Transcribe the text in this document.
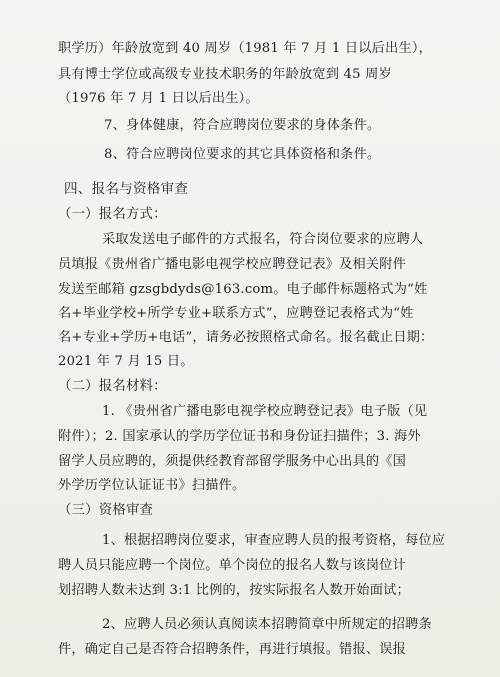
职学历）年龄放宽到 40 周岁（1981 年 7 月 1 日以后出生），
具有博士学位或高级专业技术职务的年龄放宽到 45 周岁
（1976 年 7 月 1 日以后出生）。
7、身体健康，符合应聘岗位要求的身体条件。
8、符合应聘岗位要求的其它具体资格和条件。
四、报名与资格审查
（一）报名方式：
采取发送电子邮件的方式报名，符合岗位要求的应聘人
员填报《贵州省广播电影电视学校应聘登记表》及相关附件
发送至邮箱 gzsgbdyds@163.com。电子邮件标题格式为“姓
名+毕业学校+所学专业+联系方式”，应聘登记表格式为“姓
名+专业+学历+电话”，请务必按照格式命名。报名截止日期：
2021 年 7 月 15 日。
（二）报名材料：
1. 《贵州省广播电影电视学校应聘登记表》电子版（见
附件）；2. 国家承认的学历学位证书和身份证扫描件；3. 海外
留学人员应聘的，须提供经教育部留学服务中心出具的《国
外学历学位认证证书》扫描件。
（三）资格审查
1、根据招聘岗位要求，审查应聘人员的报考资格，每位应
聘人员只能应聘一个岗位。单个岗位的报名人数与该岗位计
划招聘人数未达到 3:1 比例的，按实际报名人数开始面试；
2、应聘人员必须认真阅读本招聘简章中所规定的招聘条
件，确定自己是否符合招聘条件，再进行填报。错报、误报
